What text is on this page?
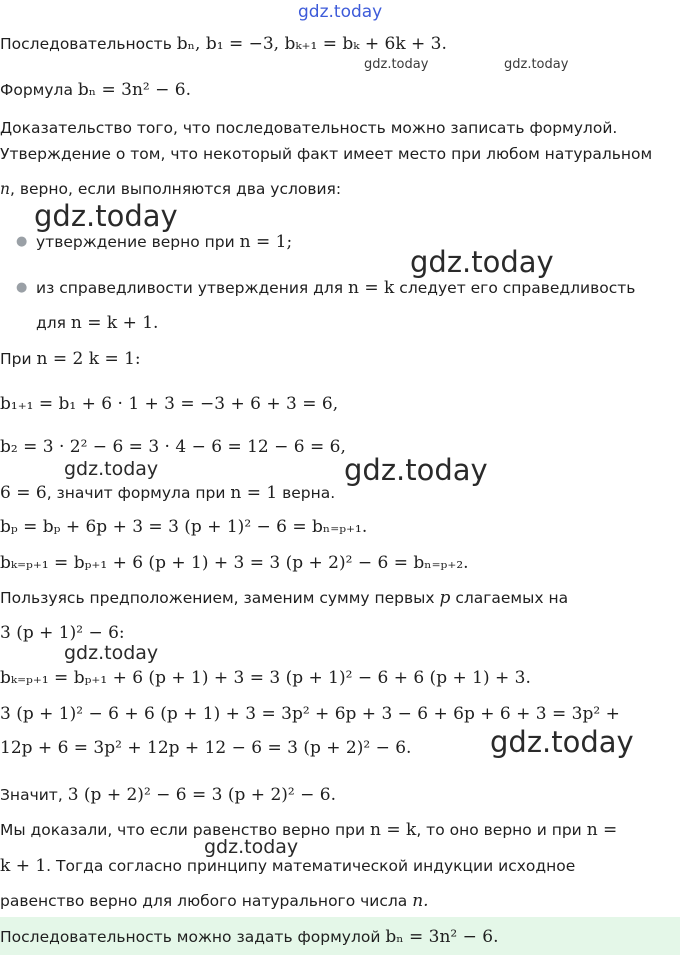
gdz.today
gdz.today	gdz.today
Последовательность bₙ, b₁ = −3, bₖ₊₁ = bₖ + 6k + 3.
Формула bₙ = 3n² − 6.
Доказательство того, что последовательность можно записать формулой.
Утверждение о том, что некоторый факт имеет место при любом натуральном
n, верно, если выполняются два условия:
gdz.today
● утверждение верно при n = 1;
gdz.today
● из справедливости утверждения для n = k следует его справедливость
для n = k + 1.
При n = 2 k = 1:
b₁₊₁ = b₁ + 6 · 1 + 3 = −3 + 6 + 3 = 6,
b₂ = 3 · 2² − 6 = 3 · 4 − 6 = 12 − 6 = 6,
gdz.today	gdz.today
6 = 6, значит формула при n = 1 верна.
bₚ = bₚ + 6p + 3 = 3 (p + 1)² − 6 = bₙ₌ₚ₊₁.
bₖ₌ₚ₊₁ = bₚ₊₁ + 6 (p + 1) + 3 = 3 (p + 2)² − 6 = bₙ₌ₚ₊₂.
Пользуясь предположением, заменим сумму первых p слагаемых на
3 (p + 1)² − 6:
gdz.today
bₖ₌ₚ₊₁ = bₚ₊₁ + 6 (p + 1) + 3 = 3 (p + 1)² − 6 + 6 (p + 1) + 3.
3 (p + 1)² − 6 + 6 (p + 1) + 3 = 3p² + 6p + 3 − 6 + 6p + 6 + 3 = 3p² +
12p + 6 = 3p² + 12p + 12 − 6 = 3 (p + 2)² − 6.	gdz.today
Значит, 3 (p + 2)² − 6 = 3 (p + 2)² − 6.
Мы доказали, что если равенство верно при n = k, то оно верно и при n =
gdz.today
k + 1. Тогда согласно принципу математической индукции исходное
равенство верно для любого натурального числа n.
Последовательность можно задать формулой bₙ = 3n² − 6.
